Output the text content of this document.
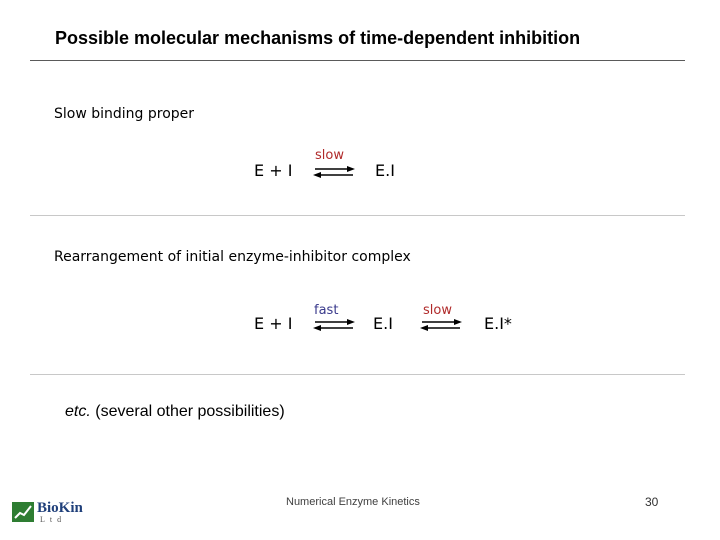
Possible molecular mechanisms of time-dependent inhibition
Slow binding proper
E + I
slow
⇌ E.I
Rearrangement of initial enzyme-inhibitor complex
E + I
fast
⇌ E.I
slow
⇌ E.I*
etc. (several other possibilities)
BioKin
Ltd
Numerical Enzyme Kinetics	30
